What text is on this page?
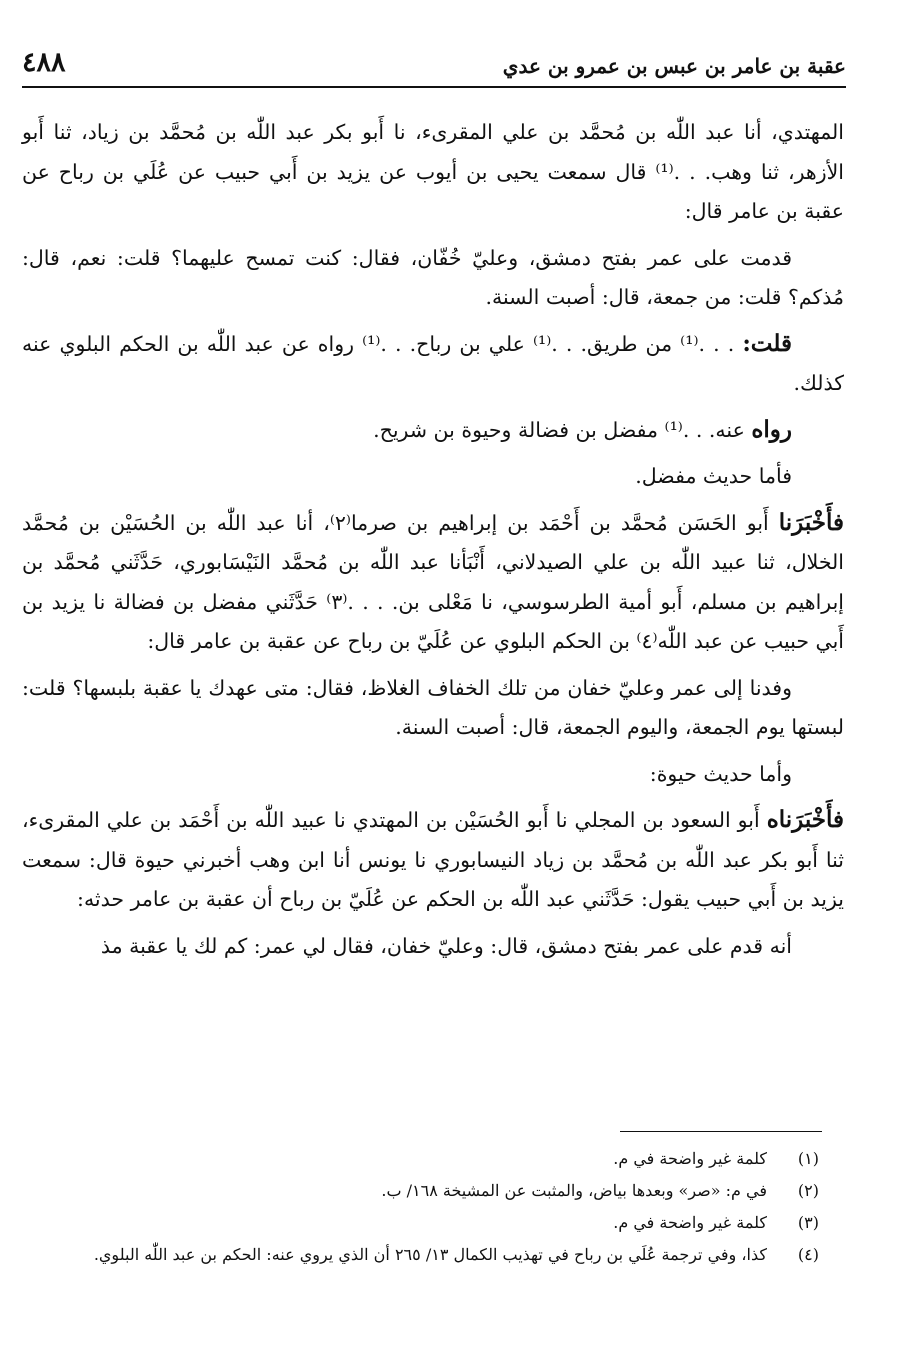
عقبة بن عامر بن عبس بن عمرو بن عدي
٤٨٨

المهتدي، أنا عبد اللّٰه بن مُحمَّد بن علي المقرىء، نا أَبو بكر عبد اللّٰه بن مُحمَّد بن زياد، ثنا أَبو الأزهر، ثنا وهب. . .⁽¹⁾ قال سمعت يحيى بن أيوب عن يزيد بن أَبي حبيب عن عُلَي بن رباح عن عقبة بن عامر قال:

قدمت على عمر بفتح دمشق، وعليّ خُفّان، فقال: كنت تمسح عليهما؟ قلت: نعم، قال: مُذكم؟ قلت: من جمعة، قال: أصبت السنة.

قلت: . . .⁽¹⁾ من طريق. . .⁽¹⁾ علي بن رباح. . .⁽¹⁾ رواه عن عبد اللّٰه بن الحكم البلوي عنه كذلك.

رواه عنه. . .⁽¹⁾ مفضل بن فضالة وحيوة بن شريح.

فأما حديث مفضل.

فأَخْبَرَنا أَبو الحَسَن مُحمَّد بن أَحْمَد بن إبراهيم بن صرما⁽٢⁾، أنا عبد اللّٰه بن الحُسَيْن بن مُحمَّد الخلال، ثنا عبيد اللّٰه بن علي الصيدلاني، أَنْبَأنا عبد اللّٰه بن مُحمَّد النَيْسَابوري، حَدَّثَني مُحمَّد بن إبراهيم بن مسلم، أَبو أمية الطرسوسي، نا مَعْلى بن. . . .⁽٣⁾ حَدَّثَني مفضل بن فضالة نا يزيد بن أَبي حبيب عن عبد اللّٰه⁽٤⁾ بن الحكم البلوي عن عُلَيّ بن رباح عن عقبة بن عامر قال:

وفدنا إلى عمر وعليّ خفان من تلك الخفاف الغلاظ، فقال: متى عهدك يا عقبة بلبسها؟ قلت: لبستها يوم الجمعة، واليوم الجمعة، قال: أصبت السنة.

وأما حديث حيوة:

فأَخْبَرَناه أَبو السعود بن المجلي نا أَبو الحُسَيْن بن المهتدي نا عبيد اللّٰه بن أَحْمَد بن علي المقرىء، ثنا أَبو بكر عبد اللّٰه بن مُحمَّد بن زياد النيسابوري نا يونس أنا ابن وهب أخبرني حيوة قال: سمعت يزيد بن أَبي حبيب يقول: حَدَّثَني عبد اللّٰه بن الحكم عن عُلَيّ بن رباح أن عقبة بن عامر حدثه:

أنه قدم على عمر بفتح دمشق، قال: وعليّ خفان، فقال لي عمر: كم لك يا عقبة مذ

(١)
كلمة غير واضحة في م.
(٢)
في م: «صر» وبعدها بياض، والمثبت عن المشيخة ١٦٨/ ب.
(٣)
كلمة غير واضحة في م.
(٤)
كذا، وفي ترجمة عُلَي بن رباح في تهذيب الكمال ١٣/ ٢٦٥ أن الذي يروي عنه: الحكم بن عبد اللّٰه البلوي.
